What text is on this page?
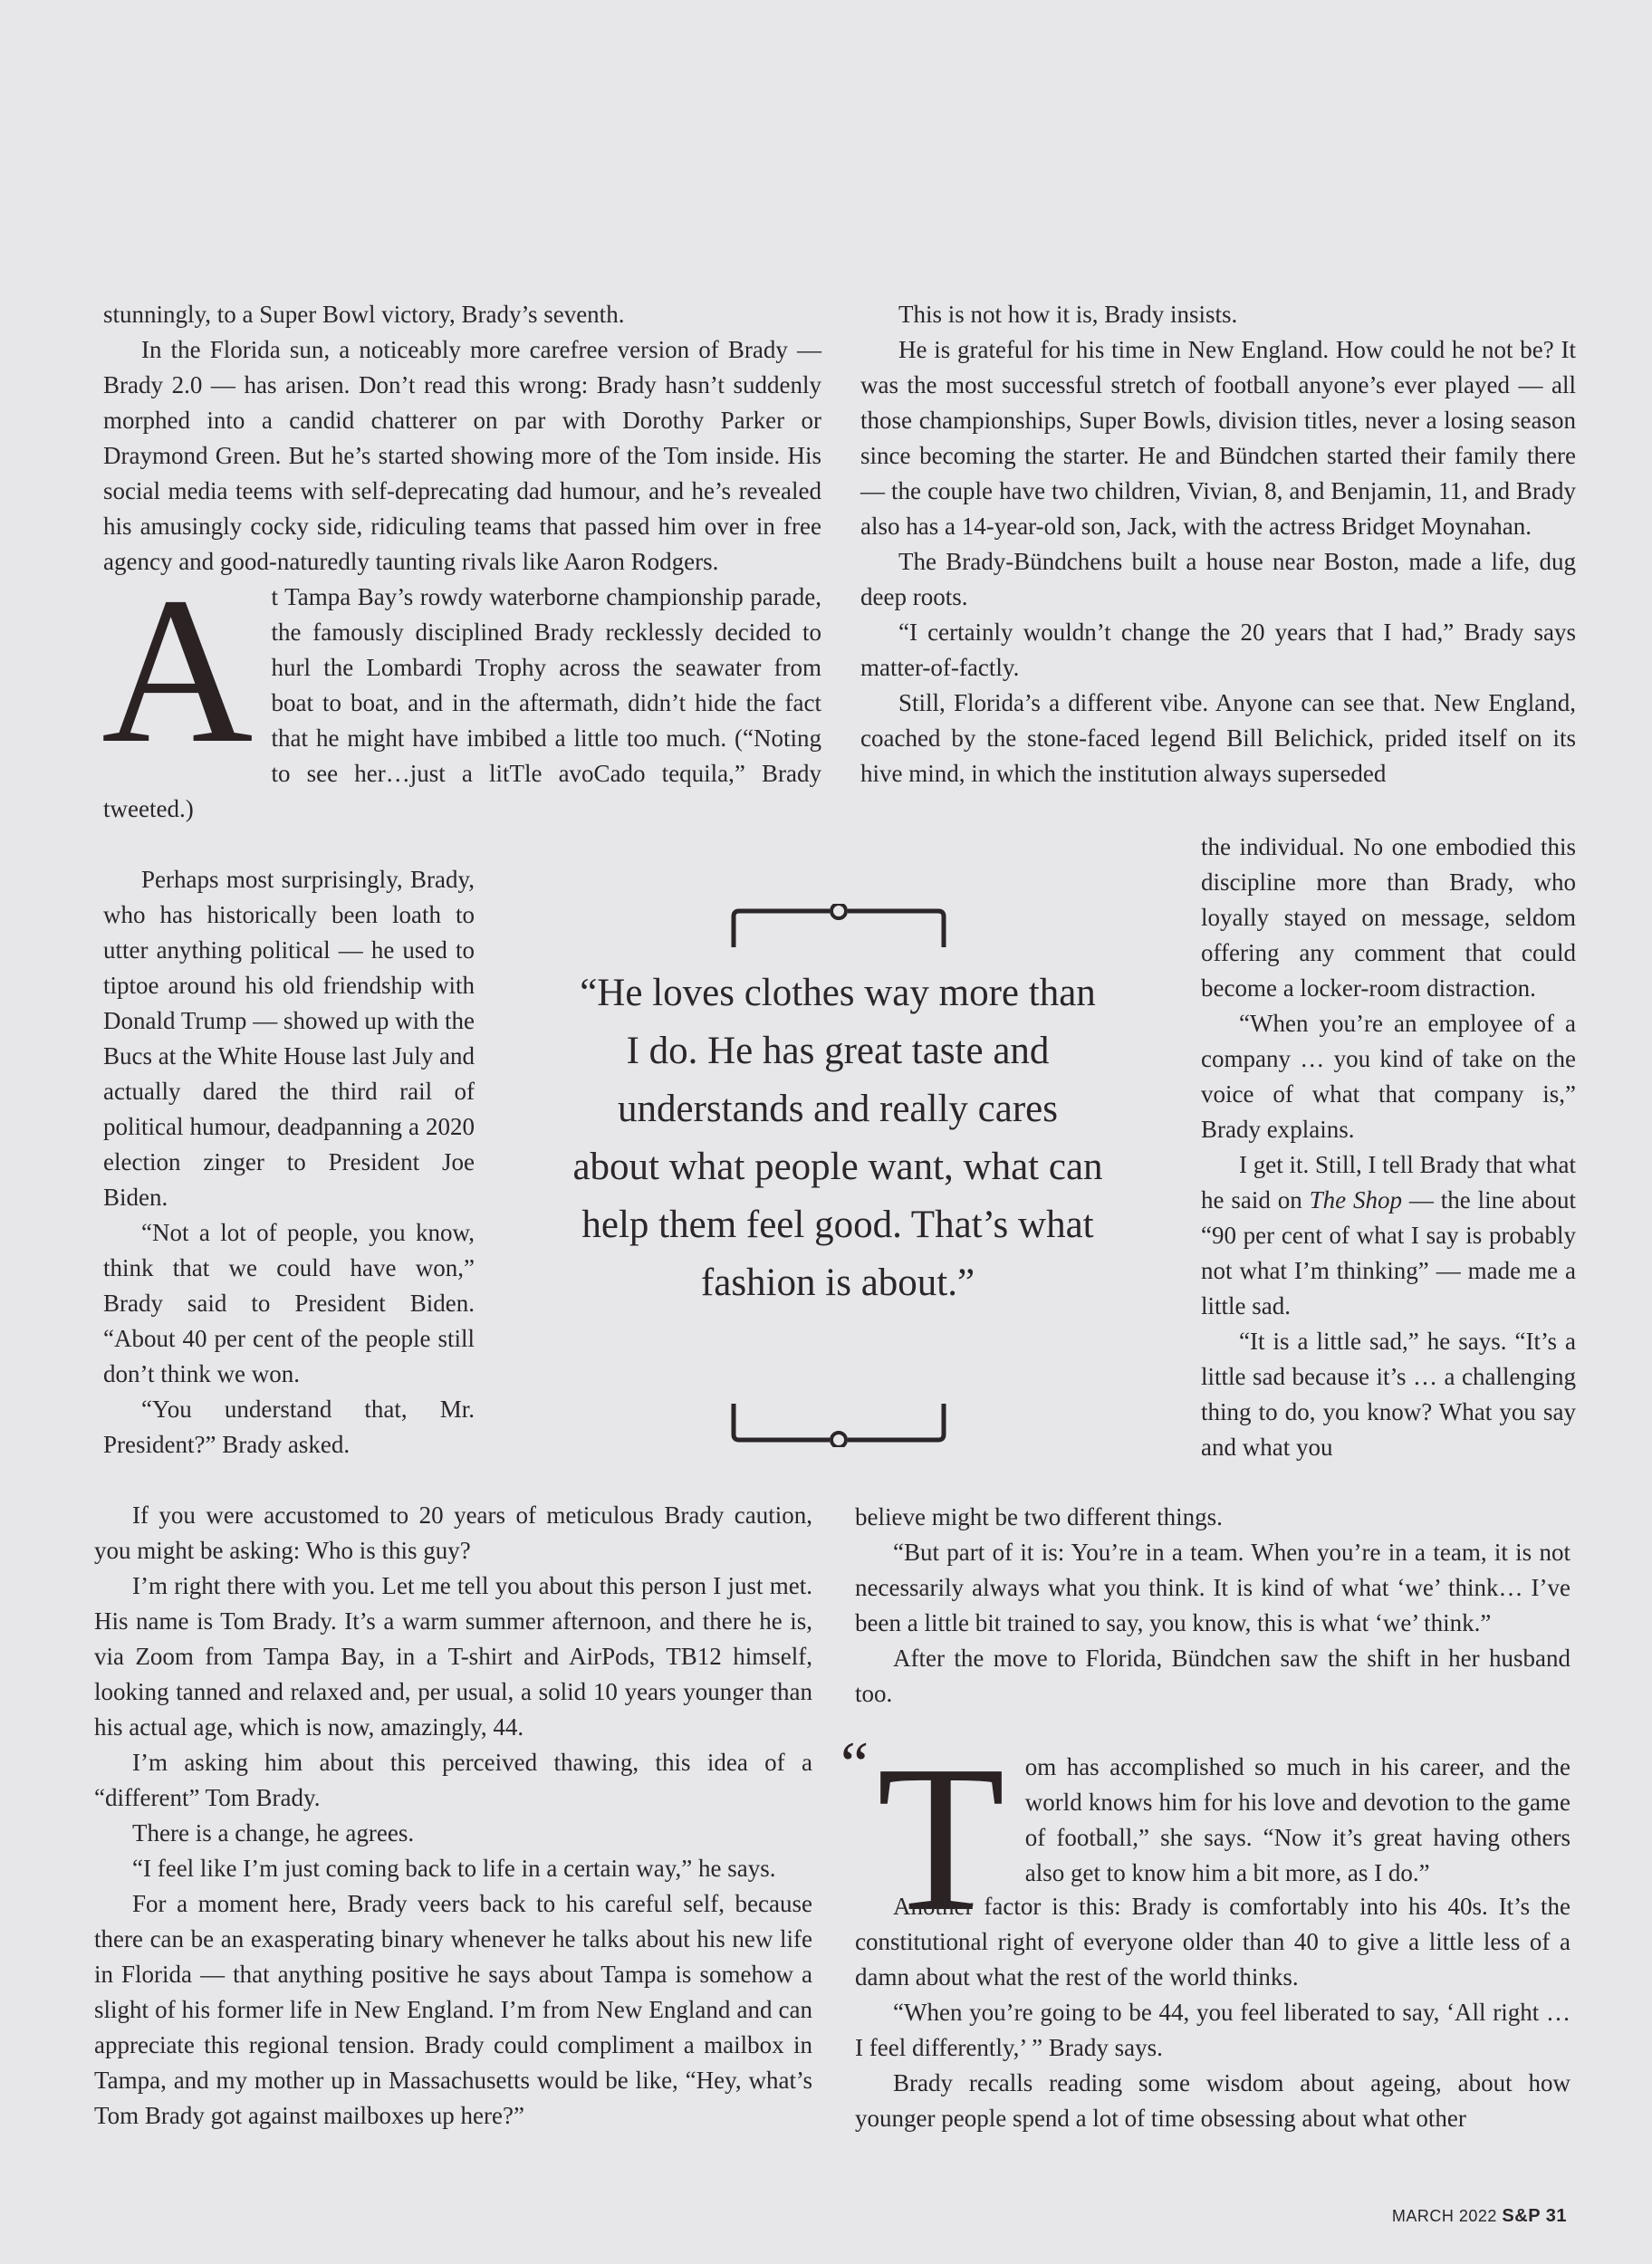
stunningly, to a Super Bowl victory, Brady’s seventh.

In the Florida sun, a noticeably more carefree version of Brady — Brady 2.0 — has arisen. Don’t read this wrong: Brady hasn’t suddenly morphed into a candid chatterer on par with Dorothy Parker or Draymond Green. But he’s started showing more of the Tom inside. His social media teems with self-deprecating dad humour, and he’s revealed his amusingly cocky side, ridiculing teams that passed him over in free agency and good-naturedly taunting rivals like Aaron Rodgers.

At Tampa Bay’s rowdy waterborne championship parade, the famously disciplined Brady recklessly decided to hurl the Lombardi Trophy across the seawater from boat to boat, and in the aftermath, didn’t hide the fact that he might have imbibed a little too much. (“Noting to see her…just a litTle avoCado tequila,” Brady tweeted.)

Perhaps most surprisingly, Brady, who has historically been loath to utter anything political — he used to tiptoe around his old friendship with Donald Trump — showed up with the Bucs at the White House last July and actually dared the third rail of political humour, deadpanning a 2020 election zinger to President Joe Biden.

“Not a lot of people, you know, think that we could have won,” Brady said to President Biden. “About 40 per cent of the people still don’t think we won.

“You understand that, Mr. President?” Brady asked.

If you were accustomed to 20 years of meticulous Brady caution, you might be asking: Who is this guy?

I’m right there with you. Let me tell you about this person I just met. His name is Tom Brady. It’s a warm summer afternoon, and there he is, via Zoom from Tampa Bay, in a T-shirt and AirPods, TB12 himself, looking tanned and relaxed and, per usual, a solid 10 years younger than his actual age, which is now, amazingly, 44.

I’m asking him about this perceived thawing, this idea of a “different” Tom Brady.

There is a change, he agrees.

“I feel like I’m just coming back to life in a certain way,” he says.

For a moment here, Brady veers back to his careful self, because there can be an exasperating binary whenever he talks about his new life in Florida — that anything positive he says about Tampa is somehow a slight of his former life in New England. I’m from New England and can appreciate this regional tension. Brady could compliment a mailbox in Tampa, and my mother up in Massachusetts would be like, “Hey, what’s Tom Brady got against mailboxes up here?”

“He loves clothes way more than I do. He has great taste and understands and really cares about what people want, what can help them feel good. That’s what fashion is about.”

This is not how it is, Brady insists.

He is grateful for his time in New England. How could he not be? It was the most successful stretch of football anyone’s ever played — all those championships, Super Bowls, division titles, never a losing season since becoming the starter. He and Bündchen started their family there — the couple have two children, Vivian, 8, and Benjamin, 11, and Brady also has a 14-year-old son, Jack, with the actress Bridget Moynahan.

The Brady-Bündchens built a house near Boston, made a life, dug deep roots.

“I certainly wouldn’t change the 20 years that I had,” Brady says matter-of-factly.

Still, Florida’s a different vibe. Anyone can see that. New England, coached by the stone-faced legend Bill Belichick, prided itself on its hive mind, in which the institution always superseded

the individual. No one embodied this discipline more than Brady, who loyally stayed on message, seldom offering any comment that could become a locker-room distraction.

“When you’re an employee of a company … you kind of take on the voice of what that company is,” Brady explains.

I get it. Still, I tell Brady that what he said on The Shop — the line about “90 per cent of what I say is probably not what I’m thinking” — made me a little sad.

“It is a little sad,” he says. “It’s a little sad because it’s … a challenging thing to do, you know? What you say and what you

believe might be two different things.

“But part of it is: You’re in a team. When you’re in a team, it is not necessarily always what you think. It is kind of what ‘we’ think… I’ve been a little bit trained to say, you know, this is what ‘we’ think.”

After the move to Florida, Bündchen saw the shift in her husband too.

“ Tom has accomplished so much in his career, and the world knows him for his love and devotion to the game of football,” she says. “Now it’s great having others also get to know him a bit more, as I do.”

Another factor is this: Brady is comfortably into his 40s. It’s the constitutional right of everyone older than 40 to give a little less of a damn about what the rest of the world thinks.

“When you’re going to be 44, you feel liberated to say, ‘All right … I feel differently,’ ” Brady says.

Brady recalls reading some wisdom about ageing, about how younger people spend a lot of time obsessing about what other

MARCH 2022 S&P 31
